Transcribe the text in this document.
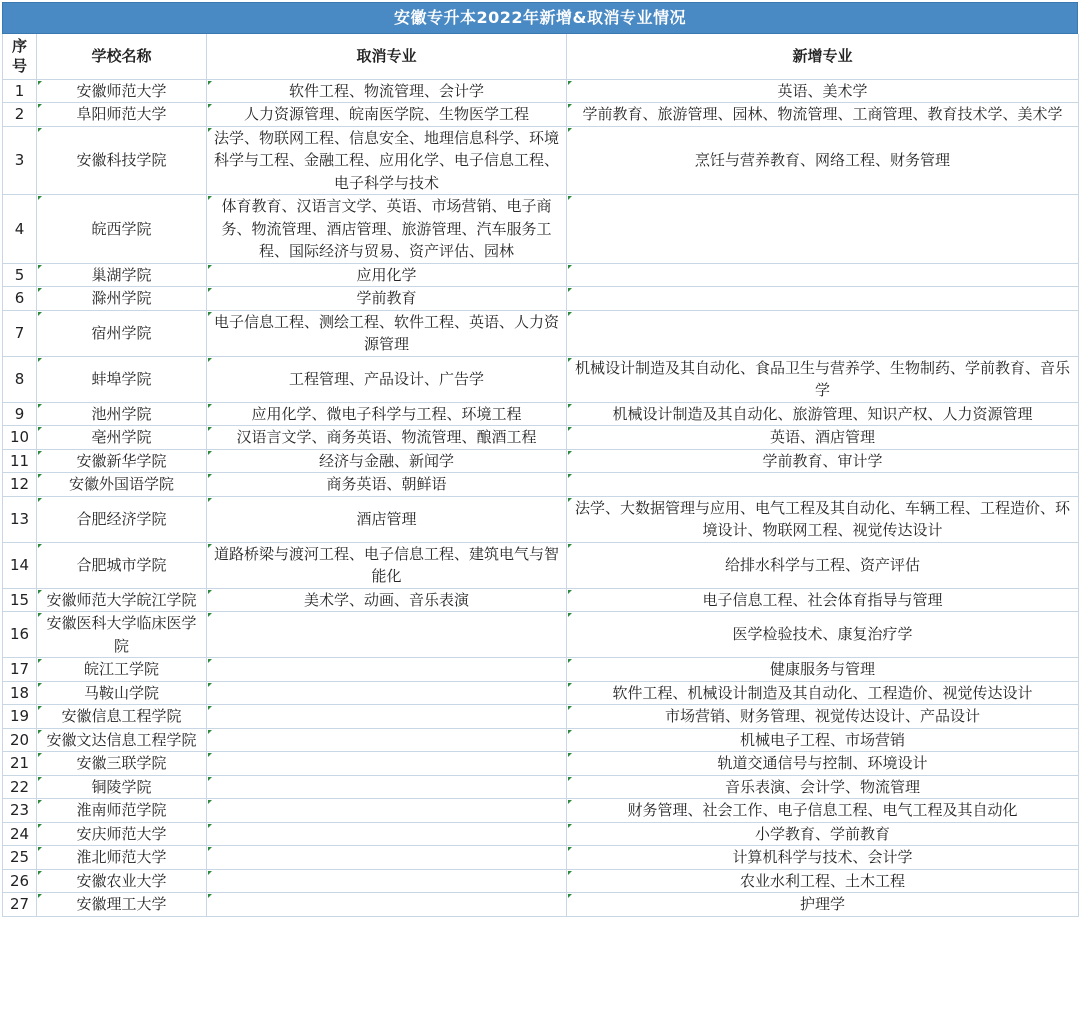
安徽专升本2022年新增&取消专业情况
序号	学校名称	取消专业	新增专业
1	安徽师范大学	软件工程、物流管理、会计学	英语、美术学
2	阜阳师范大学	人力资源管理、皖南医学院、生物医学工程	学前教育、旅游管理、园林、物流管理、工商管理、教育技术学、美术学
3	安徽科技学院	法学、物联网工程、信息安全、地理信息科学、环境科学与工程、金融工程、应用化学、电子信息工程、电子科学与技术	烹饪与营养教育、网络工程、财务管理
4	皖西学院	体育教育、汉语言文学、英语、市场营销、电子商务、物流管理、酒店管理、旅游管理、汽车服务工程、国际经济与贸易、资产评估、园林	
5	巢湖学院	应用化学	
6	滁州学院	学前教育	
7	宿州学院	电子信息工程、测绘工程、软件工程、英语、人力资源管理	
8	蚌埠学院	工程管理、产品设计、广告学	机械设计制造及其自动化、食品卫生与营养学、生物制药、学前教育、音乐学
9	池州学院	应用化学、微电子科学与工程、环境工程	机械设计制造及其自动化、旅游管理、知识产权、人力资源管理
10	亳州学院	汉语言文学、商务英语、物流管理、酿酒工程	英语、酒店管理
11	安徽新华学院	经济与金融、新闻学	学前教育、审计学
12	安徽外国语学院	商务英语、朝鲜语	
13	合肥经济学院	酒店管理	法学、大数据管理与应用、电气工程及其自动化、车辆工程、工程造价、环境设计、物联网工程、视觉传达设计
14	合肥城市学院	道路桥梁与渡河工程、电子信息工程、建筑电气与智能化	给排水科学与工程、资产评估
15	安徽师范大学皖江学院	美术学、动画、音乐表演	电子信息工程、社会体育指导与管理
16	安徽医科大学临床医学院		医学检验技术、康复治疗学
17	皖江工学院		健康服务与管理
18	马鞍山学院		软件工程、机械设计制造及其自动化、工程造价、视觉传达设计
19	安徽信息工程学院		市场营销、财务管理、视觉传达设计、产品设计
20	安徽文达信息工程学院		机械电子工程、市场营销
21	安徽三联学院		轨道交通信号与控制、环境设计
22	铜陵学院		音乐表演、会计学、物流管理
23	淮南师范学院		财务管理、社会工作、电子信息工程、电气工程及其自动化
24	安庆师范大学		小学教育、学前教育
25	淮北师范大学		计算机科学与技术、会计学
26	安徽农业大学		农业水利工程、土木工程
27	安徽理工大学		护理学
